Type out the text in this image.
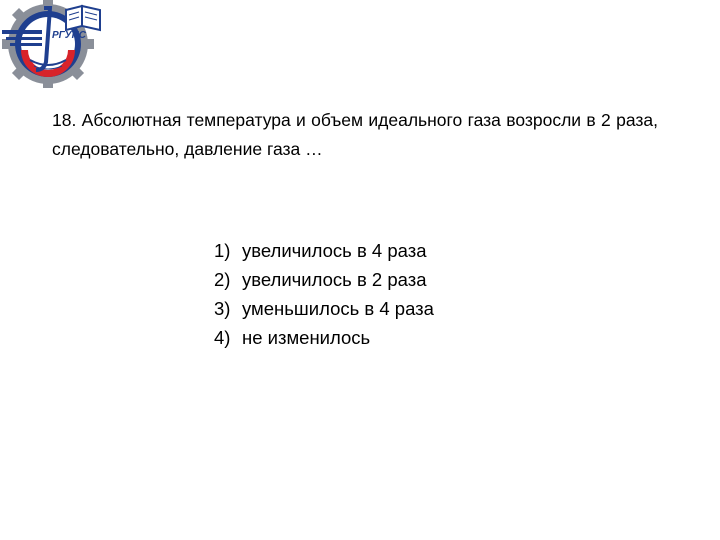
РГУПС

18. Абсолютная температура и объем идеального газа возросли в 2 раза, следовательно, давление газа …

1) увеличилось в 4 раза
2) увеличилось в 2 раза
3) уменьшилось в 4 раза
4) не изменилось
